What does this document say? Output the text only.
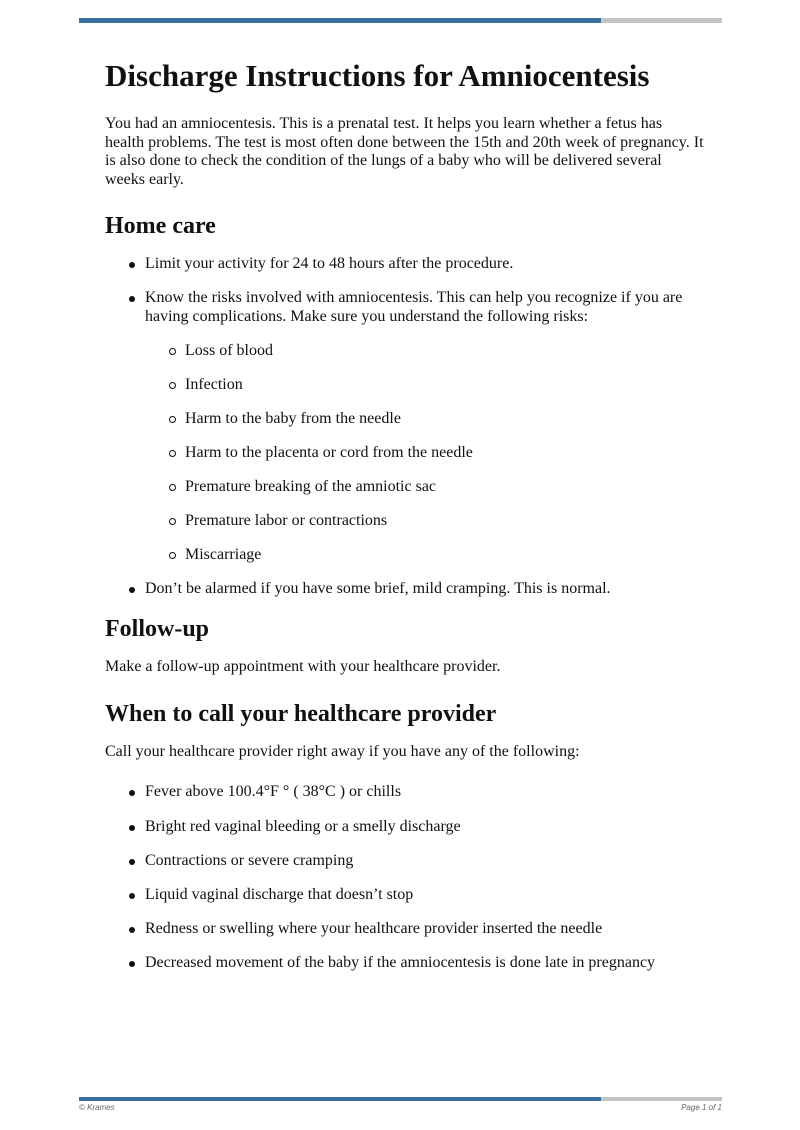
Discharge Instructions for Amniocentesis

You had an amniocentesis. This is a prenatal test. It helps you learn whether a fetus has health problems. The test is most often done between the 15th and 20th week of pregnancy. It is also done to check the condition of the lungs of a baby who will be delivered several weeks early.

Home care
Limit your activity for 24 to 48 hours after the procedure.
Know the risks involved with amniocentesis. This can help you recognize if you are having complications. Make sure you understand the following risks:
Loss of blood
Infection
Harm to the baby from the needle
Harm to the placenta or cord from the needle
Premature breaking of the amniotic sac
Premature labor or contractions
Miscarriage
Don’t be alarmed if you have some brief, mild cramping. This is normal.
Follow-up

Make a follow-up appointment with your healthcare provider.

When to call your healthcare provider

Call your healthcare provider right away if you have any of the following:

Fever above 100.4°F ° ( 38°C ) or chills
Bright red vaginal bleeding or a smelly discharge
Contractions or severe cramping
Liquid vaginal discharge that doesn’t stop
Redness or swelling where your healthcare provider inserted the needle
Decreased movement of the baby if the amniocentesis is done late in pregnancy
© Krames	Page 1 of 1
